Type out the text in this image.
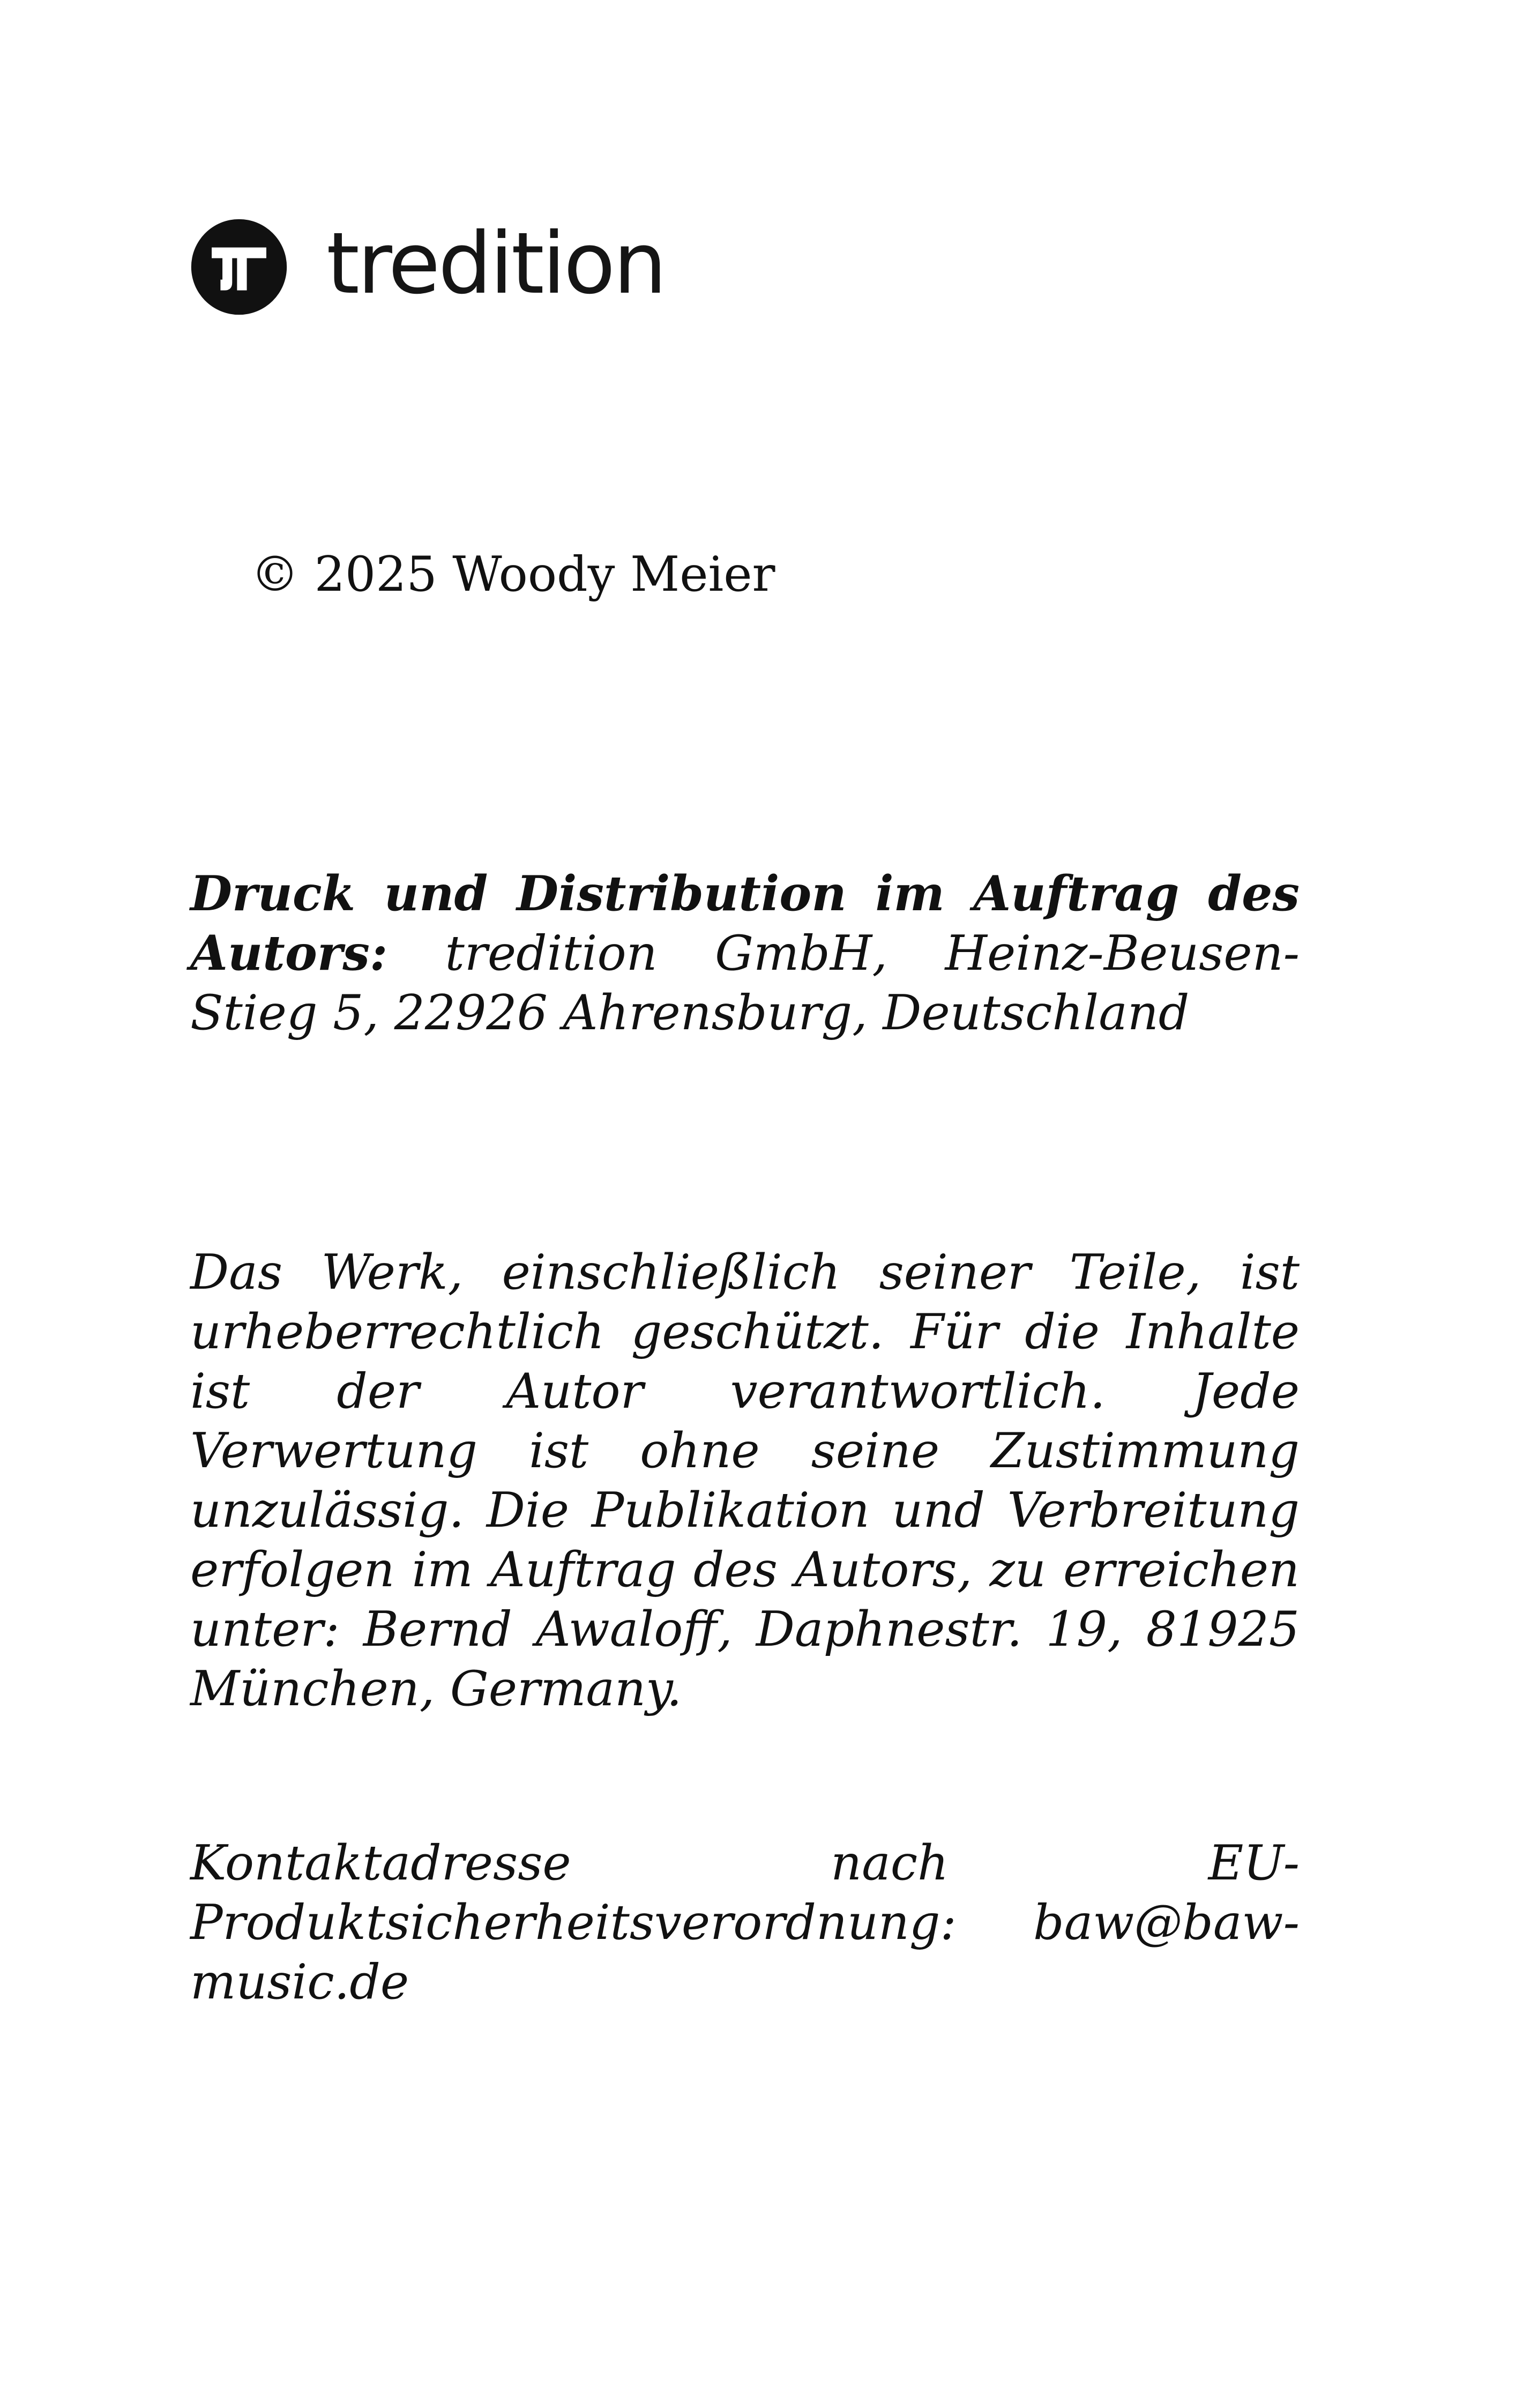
tredition
© 2025 Woody Meier

Druck und Distribution im Auftrag des Autors: tredition GmbH, Heinz-Beusen-Stieg 5, 22926 Ahrensburg, Deutschland

Das Werk, einschließlich seiner Teile, ist urheberrechtlich geschützt. Für die Inhalte ist der Autor verantwortlich. Jede Verwertung ist ohne seine Zustimmung unzulässig. Die Publikation und Verbreitung erfolgen im Auftrag des Autors, zu erreichen unter: Bernd Awaloff, Daphnestr. 19, 81925 München, Germany.

Kontaktadresse nach EU-Produktsicherheitsverordnung: baw@baw-music.de
